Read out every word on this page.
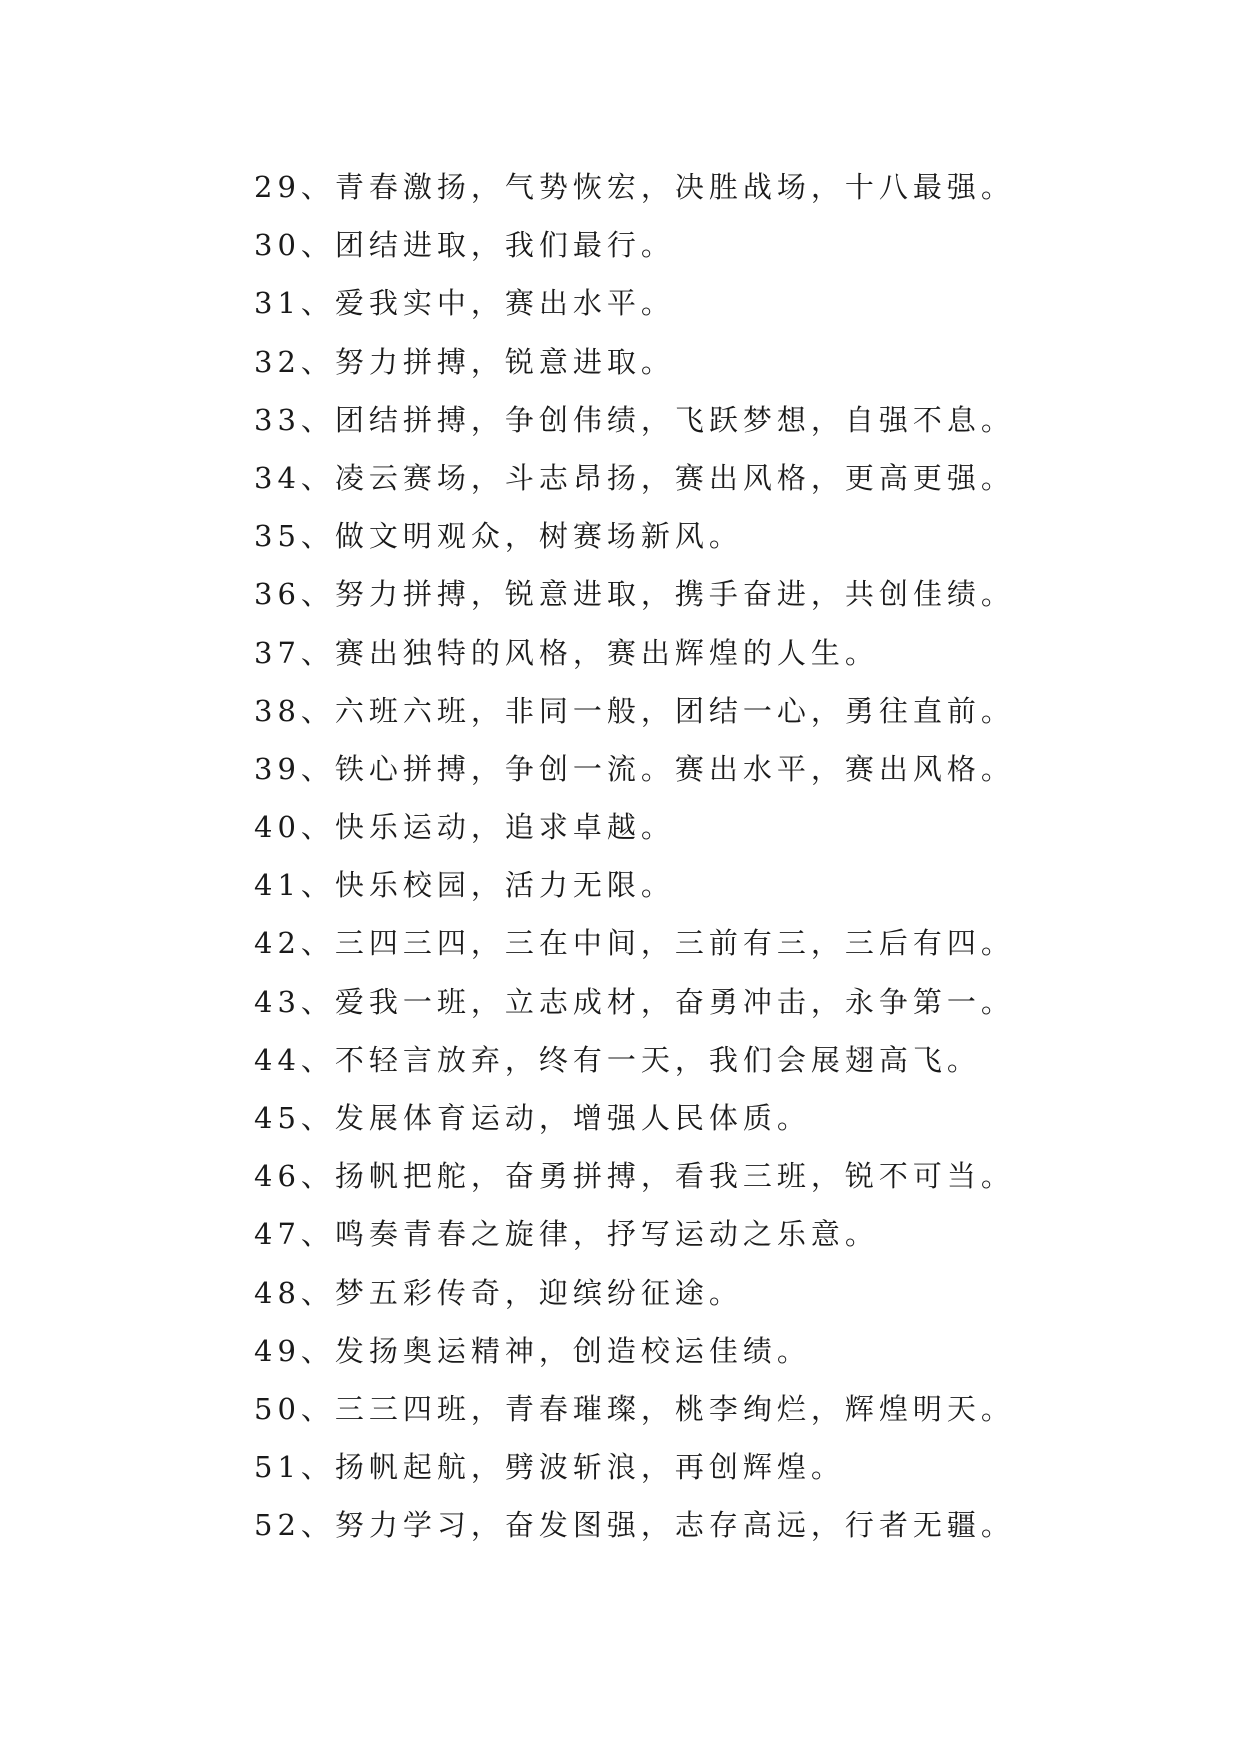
29、青春激扬，气势恢宏，决胜战场，十八最强。
30、团结进取，我们最行。
31、爱我实中，赛出水平。
32、努力拼搏，锐意进取。
33、团结拼搏，争创伟绩，飞跃梦想，自强不息。
34、凌云赛场，斗志昂扬，赛出风格，更高更强。
35、做文明观众，树赛场新风。
36、努力拼搏，锐意进取，携手奋进，共创佳绩。
37、赛出独特的风格，赛出辉煌的人生。
38、六班六班，非同一般，团结一心，勇往直前。
39、铁心拼搏，争创一流。赛出水平，赛出风格。
40、快乐运动，追求卓越。
41、快乐校园，活力无限。
42、三四三四，三在中间，三前有三，三后有四。
43、爱我一班，立志成材，奋勇冲击，永争第一。
44、不轻言放弃，终有一天，我们会展翅高飞。
45、发展体育运动，增强人民体质。
46、扬帆把舵，奋勇拼搏，看我三班，锐不可当。
47、鸣奏青春之旋律，抒写运动之乐意。
48、梦五彩传奇，迎缤纷征途。
49、发扬奥运精神，创造校运佳绩。
50、三三四班，青春璀璨，桃李绚烂，辉煌明天。
51、扬帆起航，劈波斩浪，再创辉煌。
52、努力学习，奋发图强，志存高远，行者无疆。
